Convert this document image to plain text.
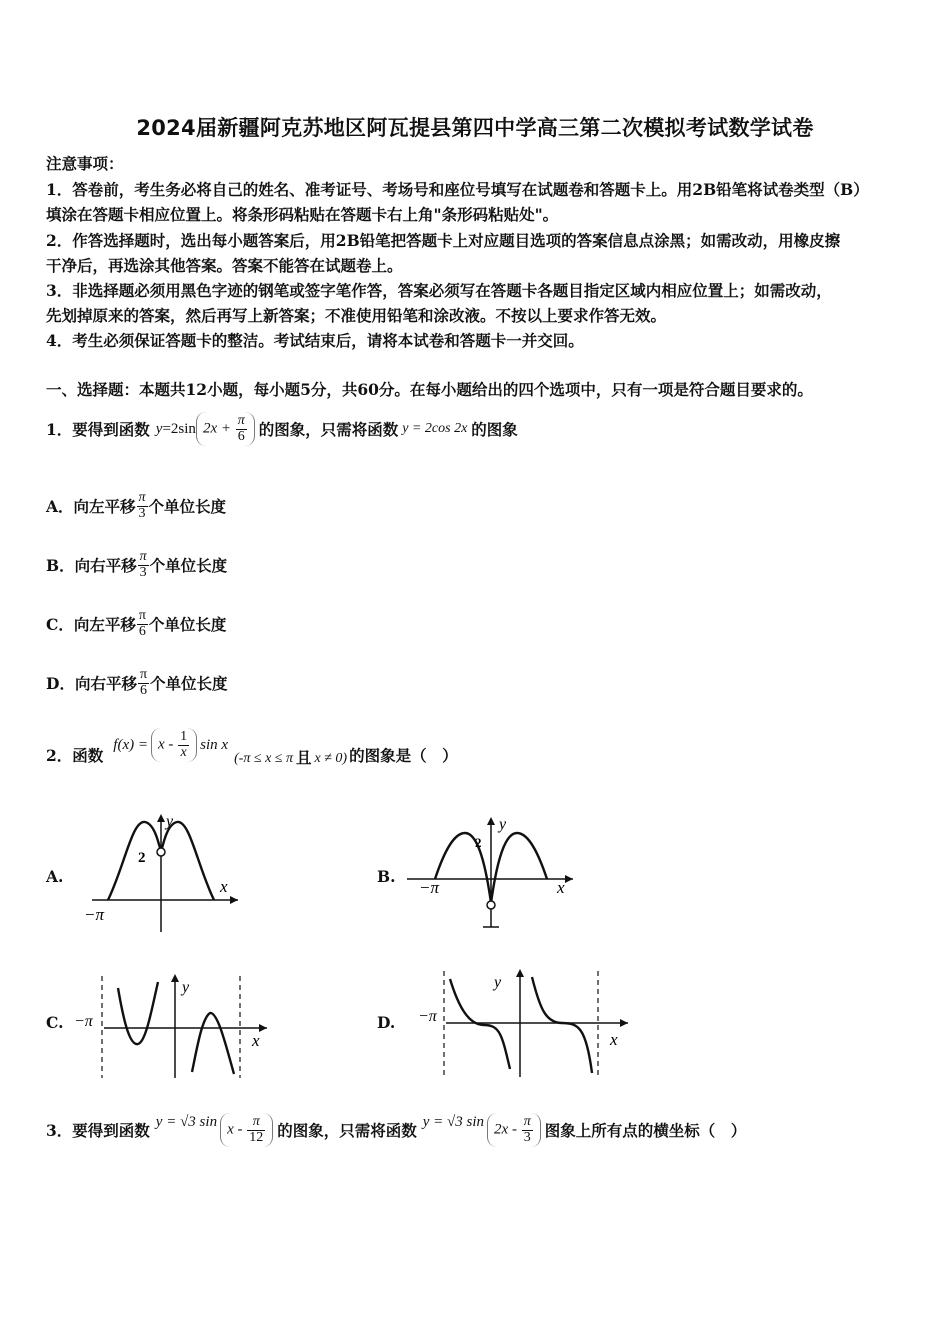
2024届新疆阿克苏地区阿瓦提县第四中学高三第二次模拟考试数学试卷
注意事项：
1．答卷前，考生务必将自己的姓名、准考证号、考场号和座位号填写在试题卷和答题卡上。用2B铅笔将试卷类型（B）
填涂在答题卡相应位置上。将条形码粘贴在答题卡右上角"条形码粘贴处"。
2．作答选择题时，选出每小题答案后，用2B铅笔把答题卡上对应题目选项的答案信息点涂黑；如需改动，用橡皮擦
干净后，再选涂其他答案。答案不能答在试题卷上。
3．非选择题必须用黑色字迹的钢笔或签字笔作答，答案必须写在答题卡各题目指定区域内相应位置上；如需改动，
先划掉原来的答案，然后再写上新答案；不准使用铅笔和涂改液。不按以上要求作答无效。
4．考生必须保证答题卡的整洁。考试结束后，请将本试卷和答题卡一并交回。
一、选择题：本题共12小题，每小题5分，共60分。在每小题给出的四个选项中，只有一项是符合题目要求的。
1．要得到函数 y =2sin $2x + \frac{\pi}{6}$ 的图象，只需将函数 y = 2cos 2x 的图象
A．向左平移 $\frac{\pi}{3}$ 个单位长度
B．向右平移 $\frac{\pi}{3}$ 个单位长度
C．向左平移 $\frac{\pi}{6}$ 个单位长度
D．向右平移 $\frac{\pi}{6}$ 个单位长度
2．函数
$f(x) = x - \frac{1}{x}$ sin x
(-π ≤ x ≤ π 且 x ≠ 0) 的图象是（　）
A.	B.
C.	D.
2
y
x
−π
2
y
x
−π
y
x
−π
y
x
−π
3．要得到函数 y = √3 sin x - $\frac{\pi}{12}$ 的图象，只需将函数 y = √3 $\sin 2x - \frac{\pi}{3}$ 图象上所有点的横坐标（　）
